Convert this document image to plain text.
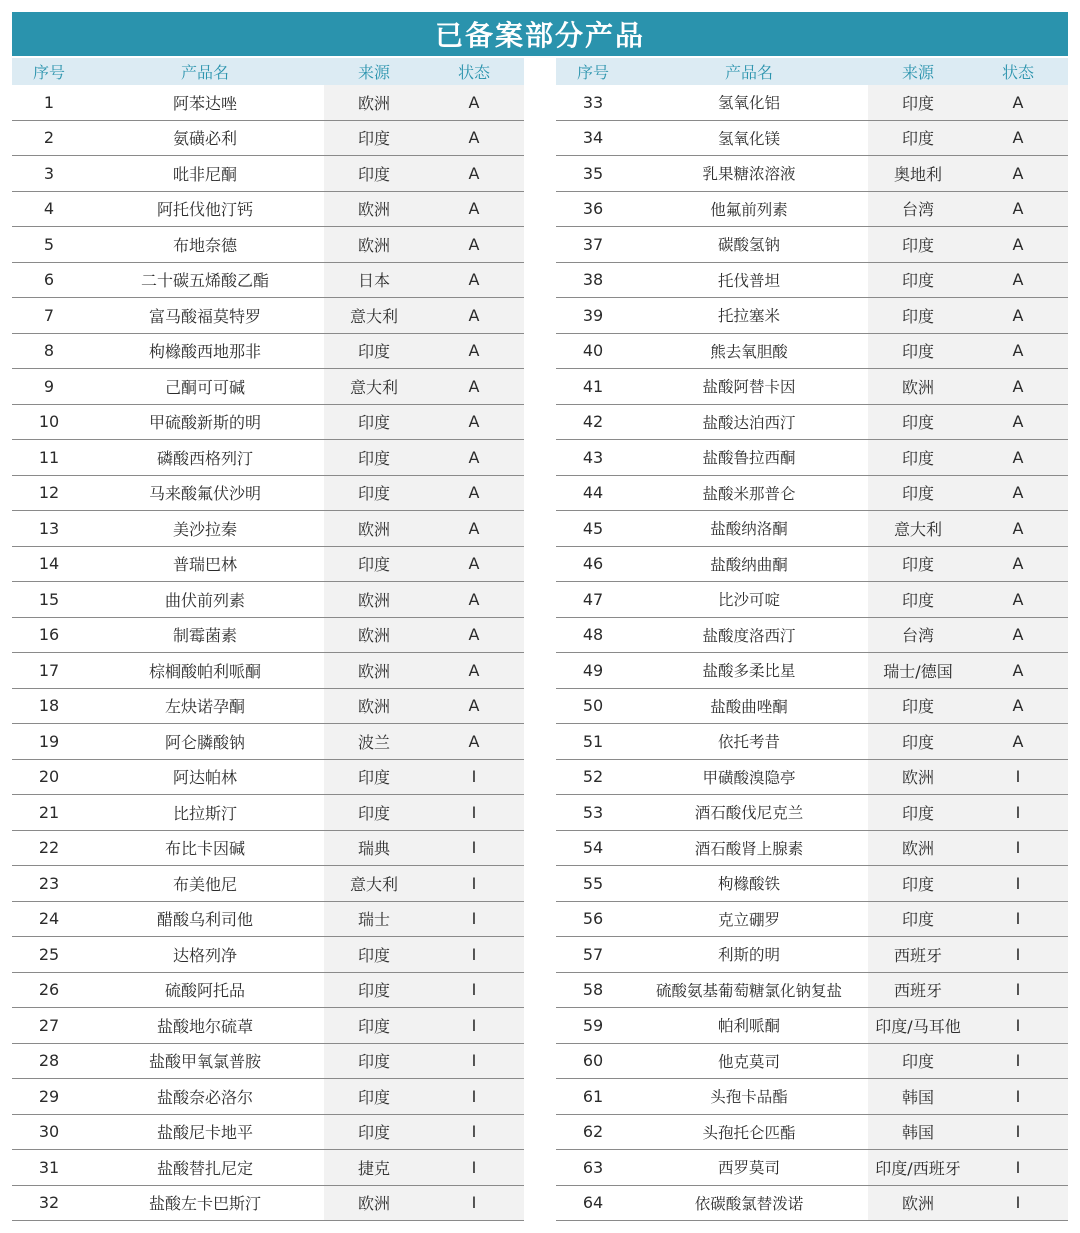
已备案部分产品
序号	产品名	来源	状态
1	阿苯达唑	欧洲	A
2	氨磺必利	印度	A
3	吡非尼酮	印度	A
4	阿托伐他汀钙	欧洲	A
5	布地奈德	欧洲	A
6	二十碳五烯酸乙酯	日本	A
7	富马酸福莫特罗	意大利	A
8	枸橼酸西地那非	印度	A
9	己酮可可碱	意大利	A
10	甲硫酸新斯的明	印度	A
11	磷酸西格列汀	印度	A
12	马来酸氟伏沙明	印度	A
13	美沙拉秦	欧洲	A
14	普瑞巴林	印度	A
15	曲伏前列素	欧洲	A
16	制霉菌素	欧洲	A
17	棕榈酸帕利哌酮	欧洲	A
18	左炔诺孕酮	欧洲	A
19	阿仑膦酸钠	波兰	A
20	阿达帕林	印度	I
21	比拉斯汀	印度	I
22	布比卡因碱	瑞典	I
23	布美他尼	意大利	I
24	醋酸乌利司他	瑞士	I
25	达格列净	印度	I
26	硫酸阿托品	印度	I
27	盐酸地尔硫䓬	印度	I
28	盐酸甲氧氯普胺	印度	I
29	盐酸奈必洛尔	印度	I
30	盐酸尼卡地平	印度	I
31	盐酸替扎尼定	捷克	I
32	盐酸左卡巴斯汀	欧洲	I
序号	产品名	来源	状态
33	氢氧化铝	印度	A
34	氢氧化镁	印度	A
35	乳果糖浓溶液	奥地利	A
36	他氟前列素	台湾	A
37	碳酸氢钠	印度	A
38	托伐普坦	印度	A
39	托拉塞米	印度	A
40	熊去氧胆酸	印度	A
41	盐酸阿替卡因	欧洲	A
42	盐酸达泊西汀	印度	A
43	盐酸鲁拉西酮	印度	A
44	盐酸米那普仑	印度	A
45	盐酸纳洛酮	意大利	A
46	盐酸纳曲酮	印度	A
47	比沙可啶	印度	A
48	盐酸度洛西汀	台湾	A
49	盐酸多柔比星	瑞士/德国	A
50	盐酸曲唑酮	印度	A
51	依托考昔	印度	A
52	甲磺酸溴隐亭	欧洲	I
53	酒石酸伐尼克兰	印度	I
54	酒石酸肾上腺素	欧洲	I
55	枸橼酸铁	印度	I
56	克立硼罗	印度	I
57	利斯的明	西班牙	I
58	硫酸氨基葡萄糖氯化钠复盐	西班牙	I
59	帕利哌酮	印度/马耳他	I
60	他克莫司	印度	I
61	头孢卡品酯	韩国	I
62	头孢托仑匹酯	韩国	I
63	西罗莫司	印度/西班牙	I
64	依碳酸氯替泼诺	欧洲	I
